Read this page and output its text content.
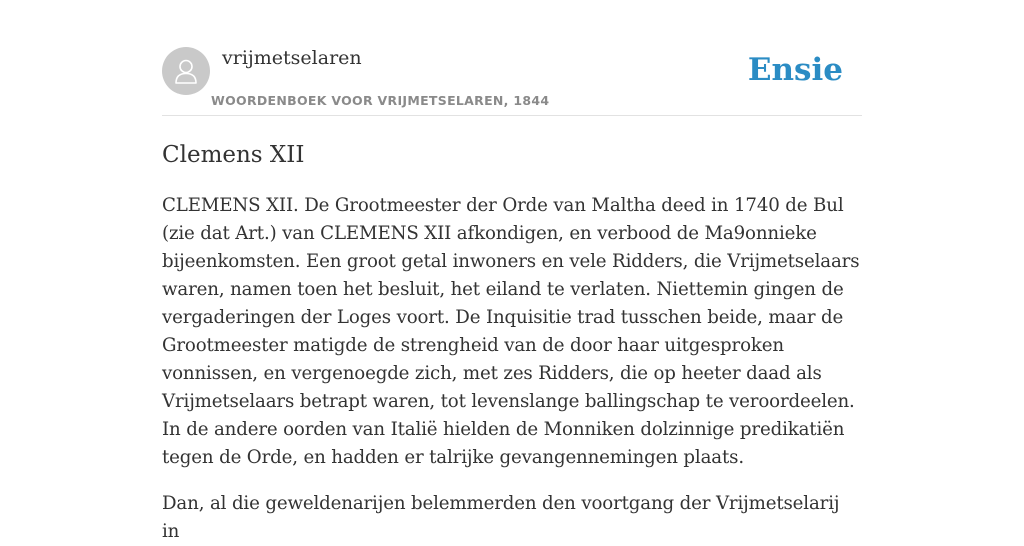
vrijmetselaren
WOORDENBOEK VOOR VRIJMETSELAREN, 1844
Ensie
Clemens XII

CLEMENS XII. De Grootmeester der Orde van Maltha deed in 1740 de Bul (zie dat Art.) van CLEMENS XII afkondigen, en verbood de Ma9onnieke bijeenkomsten. Een groot getal inwoners en vele Ridders, die Vrijmetselaars waren, namen toen het besluit, het eiland te verlaten. Niettemin gingen de vergaderingen der Loges voort. De Inquisitie trad tusschen beide, maar de Grootmeester matigde de strengheid van de door haar uitgesproken vonnissen, en vergenoegde zich, met zes Ridders, die op heeter daad als Vrijmetselaars betrapt waren, tot levenslange ballingschap te veroordeelen. In de andere oorden van Italië hielden de Monniken dolzinnige predikatiën tegen de Orde, en hadden er talrijke gevangennemingen plaats.

Dan, al die geweldenarijen belemmerden den voortgang der Vrijmetselarij in
